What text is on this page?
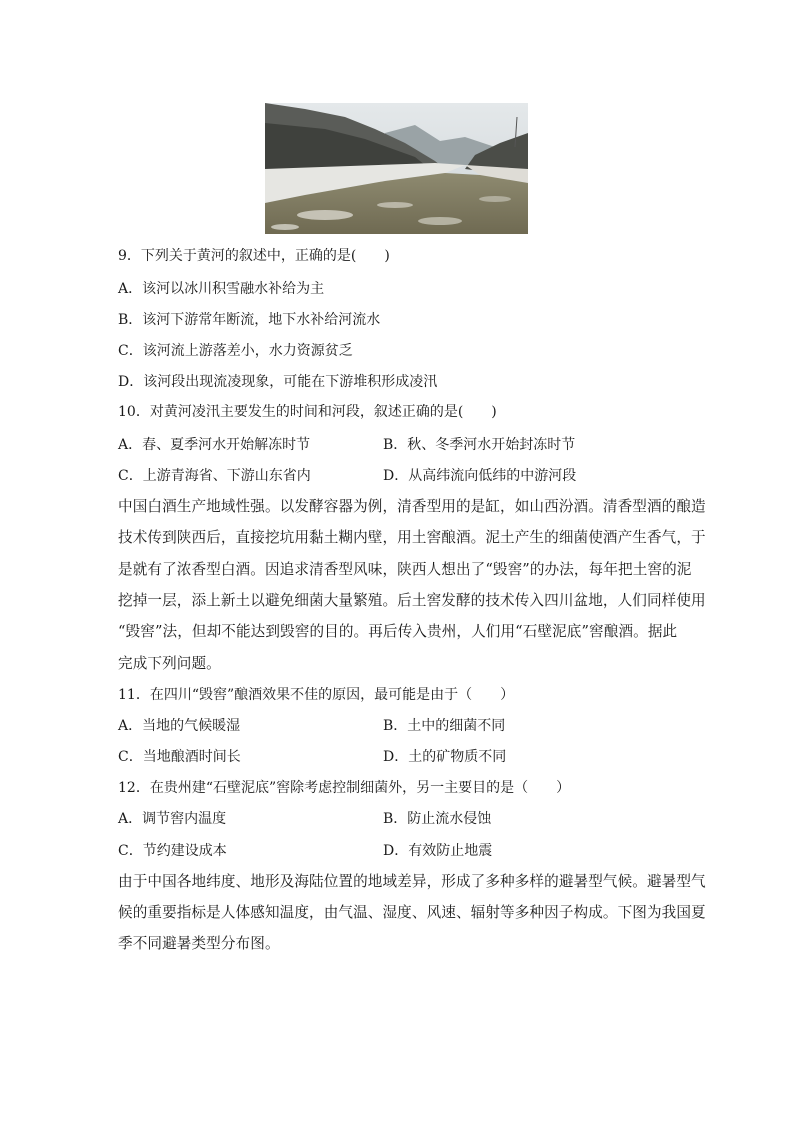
9．下列关于黄河的叙述中，正确的是(　　)
A．该河以冰川积雪融水补给为主
B．该河下游常年断流，地下水补给河流水
C．该河流上游落差小，水力资源贫乏
D．该河段出现流凌现象，可能在下游堆积形成凌汛
10．对黄河凌汛主要发生的时间和河段，叙述正确的是(　　)
A．春、夏季河水开始解冻时节	B．秋、冬季河水开始封冻时节
C．上游青海省、下游山东省内	D．从高纬流向低纬的中游河段
中国白酒生产地域性强。以发酵容器为例，清香型用的是缸，如山西汾酒。清香型酒的酿造
技术传到陕西后，直接挖坑用黏土糊内壁，用土窖酿酒。泥土产生的细菌使酒产生香气，于
是就有了浓香型白酒。因追求清香型风味，陕西人想出了“毁窖”的办法，每年把土窖的泥
挖掉一层，添上新土以避免细菌大量繁殖。后土窖发酵的技术传入四川盆地，人们同样使用
“毁窖”法，但却不能达到毁窖的目的。再后传入贵州，人们用“石壁泥底”窖酿酒。据此
完成下列问题。
11．在四川“毁窖”酿酒效果不佳的原因，最可能是由于（　　）
A．当地的气候暖湿	B．土中的细菌不同
C．当地酿酒时间长	D．土的矿物质不同
12．在贵州建“石壁泥底”窖除考虑控制细菌外，另一主要目的是（　　）
A．调节窖内温度	B．防止流水侵蚀
C．节约建设成本	D．有效防止地震
由于中国各地纬度、地形及海陆位置的地域差异，形成了多种多样的避暑型气候。避暑型气
候的重要指标是人体感知温度，由气温、湿度、风速、辐射等多种因子构成。下图为我国夏
季不同避暑类型分布图。
